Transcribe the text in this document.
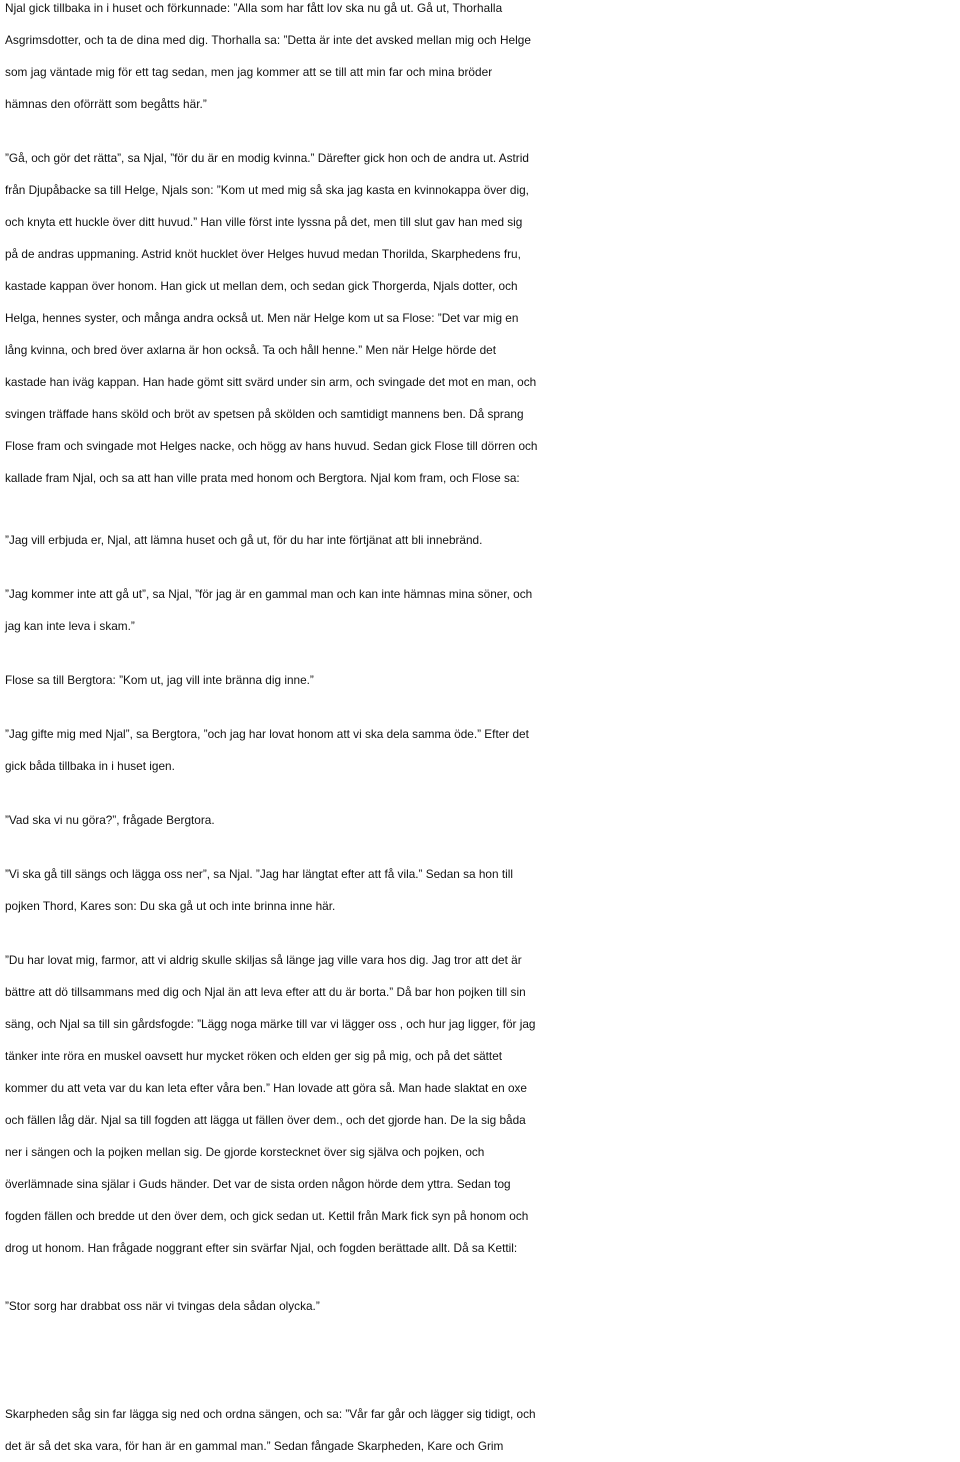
Njal gick tillbaka in i huset och förkunnade: ”Alla som har fått lov ska nu gå ut. Gå ut, Thorhalla
Asgrimsdotter, och ta de dina med dig. Thorhalla sa: ”Detta är inte det avsked mellan mig och Helge
som jag väntade mig för ett tag sedan, men jag kommer att se till att min far och mina bröder
hämnas den oförrätt som begåtts här.”

”Gå, och gör det rätta”, sa Njal, ”för du är en modig kvinna.” Därefter gick hon och de andra ut. Astrid
från Djupåbacke sa till Helge, Njals son: ”Kom ut med mig så ska jag kasta en kvinnokappa över dig,
och knyta ett huckle över ditt huvud.” Han ville först inte lyssna på det, men till slut gav han med sig
på de andras uppmaning. Astrid knöt hucklet över Helges huvud medan Thorilda, Skarphedens fru,
kastade kappan över honom. Han gick ut mellan dem, och sedan gick Thorgerda, Njals dotter, och
Helga, hennes syster, och många andra också ut. Men när Helge kom ut sa Flose: ”Det var mig en
lång kvinna, och bred över axlarna är hon också. Ta och håll henne.” Men när Helge hörde det
kastade han iväg kappan. Han hade gömt sitt svärd under sin arm, och svingade det mot en man, och
svingen träffade hans sköld och bröt av spetsen på skölden och samtidigt mannens ben. Då sprang
Flose fram och svingade mot Helges nacke, och högg av hans huvud. Sedan gick Flose till dörren och
kallade fram Njal, och sa att han ville prata med honom och Bergtora. Njal kom fram, och Flose sa:

”Jag vill erbjuda er, Njal, att lämna huset och gå ut, för du har inte förtjänat att bli innebränd.

”Jag kommer inte att gå ut”, sa Njal, ”för jag är en gammal man och kan inte hämnas mina söner, och
jag kan inte leva i skam.”

Flose sa till Bergtora: ”Kom ut, jag vill inte bränna dig inne.”

”Jag gifte mig med Njal”, sa Bergtora, ”och jag har lovat honom att vi ska dela samma öde.” Efter det
gick båda tillbaka in i huset igen.

”Vad ska vi nu göra?”, frågade Bergtora.

”Vi ska gå till sängs och lägga oss ner”, sa Njal. ”Jag har längtat efter att få vila.” Sedan sa hon till
pojken Thord, Kares son: Du ska gå ut och inte brinna inne här.

”Du har lovat mig, farmor, att vi aldrig skulle skiljas så länge jag ville vara hos dig. Jag tror att det är
bättre att dö tillsammans med dig och Njal än att leva efter att du är borta.” Då bar hon pojken till sin
säng, och Njal sa till sin gårdsfogde: ”Lägg noga märke till var vi lägger oss , och hur jag ligger, för jag
tänker inte röra en muskel oavsett hur mycket röken och elden ger sig på mig, och på det sättet
kommer du att veta var du kan leta efter våra ben.” Han lovade att göra så. Man hade slaktat en oxe
och fällen låg där. Njal sa till fogden att lägga ut fällen över dem., och det gjorde han. De la sig båda
ner i sängen och la pojken mellan sig. De gjorde korstecknet över sig själva och pojken, och
överlämnade sina själar i Guds händer. Det var de sista orden någon hörde dem yttra. Sedan tog
fogden fällen och bredde ut den över dem, och gick sedan ut. Kettil från Mark fick syn på honom och
drog ut honom. Han frågade noggrant efter sin svärfar Njal, och fogden berättade allt. Då sa Kettil:

”Stor sorg har drabbat oss när vi tvingas dela sådan olycka.”

Skarpheden såg sin far lägga sig ned och ordna sängen, och sa: ”Vår far går och lägger sig tidigt, och
det är så det ska vara, för han är en gammal man.” Sedan fångade Skarpheden, Kare och Grim
